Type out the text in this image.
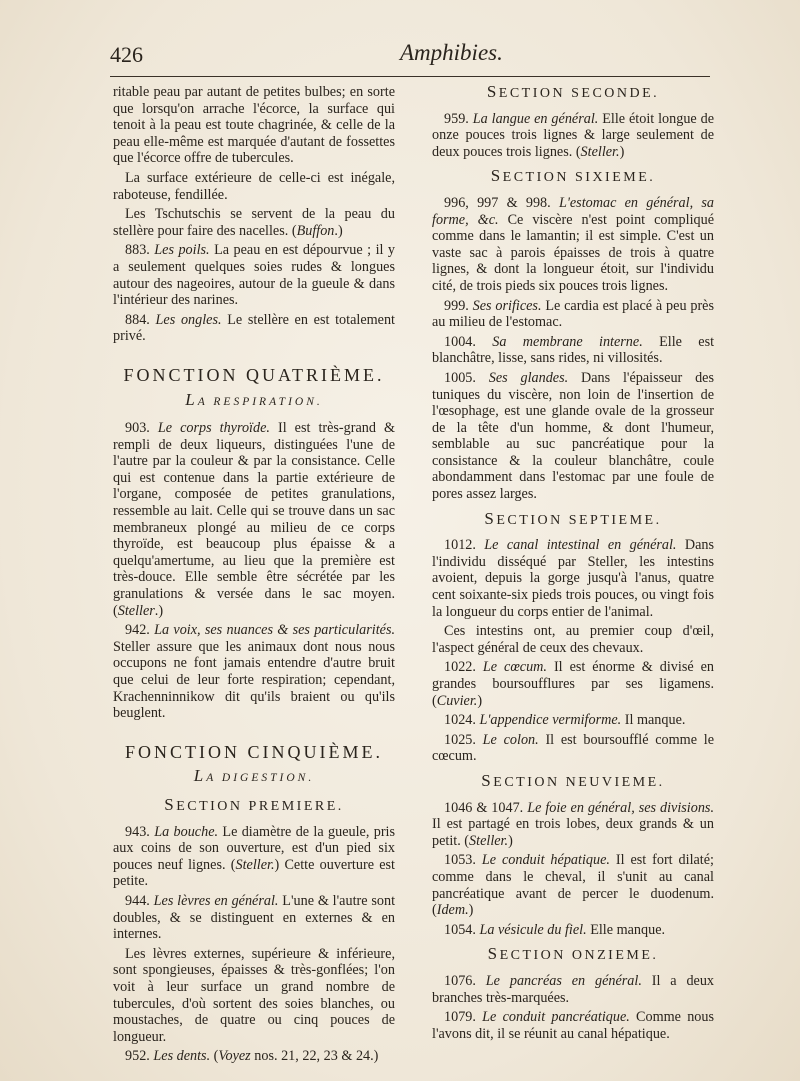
426	Amphibies.

ritable peau par autant de petites bulbes; en sorte que lorsqu'on arrache l'écorce, la surface qui tenoit à la peau est toute chagrinée, & celle de la peau elle-même est marquée d'autant de fossettes que l'écorce offre de tubercules.

La surface extérieure de celle-ci est inégale, raboteuse, fendillée.

Les Tschutschis se servent de la peau du stellère pour faire des nacelles. (Buffon.)

883. Les poils. La peau en est dépourvue ; il y a seulement quelques soies rudes & longues autour des nageoires, autour de la gueule & dans l'intérieur des narines.

884. Les ongles. Le stellère en est totalement privé.

FONCTION QUATRIÈME.
LA RESPIRATION.

903. Le corps thyroïde. Il est très-grand & rempli de deux liqueurs, distinguées l'une de l'autre par la couleur & par la consistance. Celle qui est contenue dans la partie extérieure de l'organe, composée de petites granulations, ressemble au lait. Celle qui se trouve dans un sac membraneux plongé au milieu de ce corps thyroïde, est beaucoup plus épaisse & a quelqu'amertume, au lieu que la première est très-douce. Elle semble être sécrétée par les granulations & versée dans le sac moyen. (Steller.)

942. La voix, ses nuances & ses particularités. Steller assure que les animaux dont nous nous occupons ne font jamais entendre d'autre bruit que celui de leur forte respiration; cependant, Krachenninnikow dit qu'ils braient ou qu'ils beuglent.

FONCTION CINQUIÈME.
LA DIGESTION.
SECTION PREMIERE.

943. La bouche. Le diamètre de la gueule, pris aux coins de son ouverture, est d'un pied six pouces neuf lignes. (Steller.) Cette ouverture est petite.

944. Les lèvres en général. L'une & l'autre sont doubles, & se distinguent en externes & en internes.

Les lèvres externes, supérieure & inférieure, sont spongieuses, épaisses & très-gonflées; l'on voit à leur surface un grand nombre de tubercules, d'où sortent des soies blanches, ou moustaches, de quatre ou cinq pouces de longueur.

952. Les dents. (Voyez nos. 21, 22, 23 & 24.)

SECTION SECONDE.

959. La langue en général. Elle étoit longue de onze pouces trois lignes & large seulement de deux pouces trois lignes. (Steller.)

SECTION SIXIEME.

996, 997 & 998. L'estomac en général, sa forme, &c. Ce viscère n'est point compliqué comme dans le lamantin; il est simple. C'est un vaste sac à parois épaisses de trois à quatre lignes, & dont la longueur étoit, sur l'individu cité, de trois pieds six pouces trois lignes.

999. Ses orifices. Le cardia est placé à peu près au milieu de l'estomac.

1004. Sa membrane interne. Elle est blanchâtre, lisse, sans rides, ni villosités.

1005. Ses glandes. Dans l'épaisseur des tuniques du viscère, non loin de l'insertion de l'œsophage, est une glande ovale de la grosseur de la tête d'un homme, & dont l'humeur, semblable au suc pancréatique pour la consistance & la couleur blanchâtre, coule abondamment dans l'estomac par une foule de pores assez larges.

SECTION SEPTIEME.

1012. Le canal intestinal en général. Dans l'individu disséqué par Steller, les intestins avoient, depuis la gorge jusqu'à l'anus, quatre cent soixante-six pieds trois pouces, ou vingt fois la longueur du corps entier de l'animal.

Ces intestins ont, au premier coup d'œil, l'aspect général de ceux des chevaux.

1022. Le cœcum. Il est énorme & divisé en grandes boursoufflures par ses ligamens. (Cuvier.)

1024. L'appendice vermiforme. Il manque.

1025. Le colon. Il est boursoufflé comme le cœcum.

SECTION NEUVIEME.

1046 & 1047. Le foie en général, ses divisions. Il est partagé en trois lobes, deux grands & un petit. (Steller.)

1053. Le conduit hépatique. Il est fort dilaté; comme dans le cheval, il s'unit au canal pancréatique avant de percer le duodenum. (Idem.)

1054. La vésicule du fiel. Elle manque.

SECTION ONZIEME.

1076. Le pancréas en général. Il a deux branches très-marquées.

1079. Le conduit pancréatique. Comme nous l'avons dit, il se réunit au canal hépatique.
